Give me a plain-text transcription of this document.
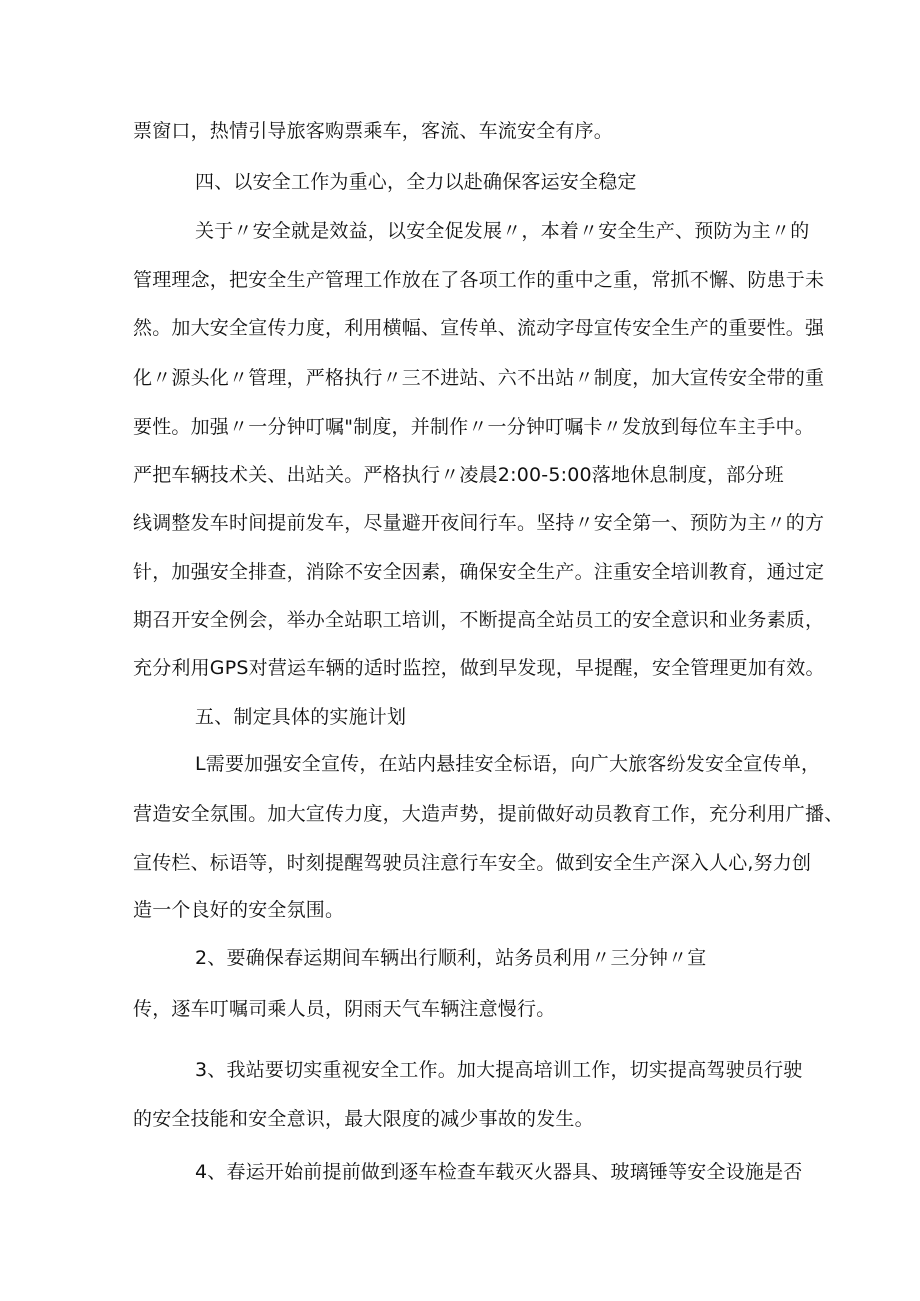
票窗口，热情引导旅客购票乘车，客流、车流安全有序。

四、以安全工作为重心，全力以赴确保客运安全稳定

关于〃安全就是效益，以安全促发展〃，本着〃安全生产、预防为主〃的

管理理念，把安全生产管理工作放在了各项工作的重中之重，常抓不懈、防患于未

然。加大安全宣传力度，利用横幅、宣传单、流动字母宣传安全生产的重要性。强

化〃源头化〃管理，严格执行〃三不进站、六不出站〃制度，加大宣传安全带的重

要性。加强〃一分钟叮嘱"制度，并制作〃一分钟叮嘱卡〃发放到每位车主手中。

严把车辆技术关、出站关。严格执行〃凌晨2:00-5:00落地休息制度，部分班

线调整发车时间提前发车，尽量避开夜间行车。坚持〃安全第一、预防为主〃的方

针，加强安全排查，消除不安全因素，确保安全生产。注重安全培训教育，通过定

期召开安全例会，举办全站职工培训，不断提高全站员工的安全意识和业务素质，

充分利用GPS对营运车辆的适时监控，做到早发现，早提醒，安全管理更加有效。

五、制定具体的实施计划

L需要加强安全宣传，在站内悬挂安全标语，向广大旅客纷发安全宣传单，

营造安全氛围。加大宣传力度，大造声势，提前做好动员教育工作，充分利用广播、

宣传栏、标语等，时刻提醒驾驶员注意行车安全。做到安全生产深入人心,努力创

造一个良好的安全氛围。

2、要确保春运期间车辆出行顺利，站务员利用〃三分钟〃宣

传，逐车叮嘱司乘人员，阴雨天气车辆注意慢行。

3、我站要切实重视安全工作。加大提高培训工作，切实提高驾驶员行驶

的安全技能和安全意识，最大限度的减少事故的发生。

4、春运开始前提前做到逐车检查车载灭火器具、玻璃锤等安全设施是否
